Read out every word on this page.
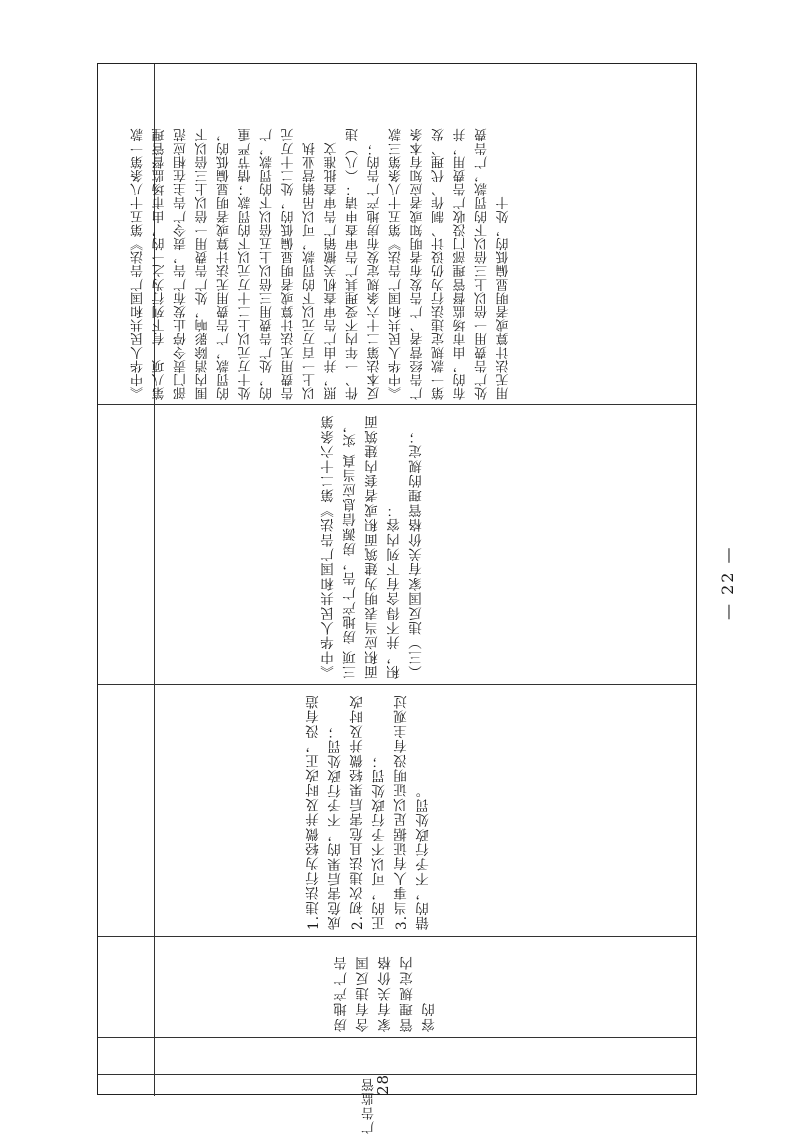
28
广告监管
房地产广告含有违反国家有关价格管理规定内容的
1.违法行为轻微并及时改正，没有造成危害后果的，不予行政处罚；
2.初次违法且危害后果轻微并及时改正的，可以不予行政处罚；
3.当事人有证据足以证明没有主观过错的，不予行政处罚。
《中华人民共和国广告法》第二十六条第三项 房地产广告，房源信息应当真 实，面积应当表明为建筑面积或者套内建筑面积，并不得含有下列内容：
（三）违反国家有关价格管理的规定；
《中华人民共和国广告法》第五十八条第一款第八项　有下列行为之一的，由市场监督管理部门责令停止发布广告，责令广告主在相应范围内消除影响，处广告费用一倍以上三倍以下的罚款，广告费用无法计算或者明显偏低的，处十万元以上二十万元以下的罚款；情节严重的，处广告费用三倍以上五倍以下的罚款，广告费用无法计算或者明显偏低的，处二十万元以上一百万元以下的罚款，可以吊销营业执照，并由广告审查机关撤销广告审查批准文件、一年内不受理其广告审查申请：（八）违反本法第二十六条规定发布房地产广告的；
《中华人民共和国广告法》第五十八条第三款　广告经营者、广告发布者明知或者应知有本条第一款规定违法行为仍设计、制作、代理、发布的，由市场监督管理部门没收广告费用，并处广告费用一倍以上三倍以下的罚款，广告费用无法计算或者明显偏低的，处十
— 22 —
